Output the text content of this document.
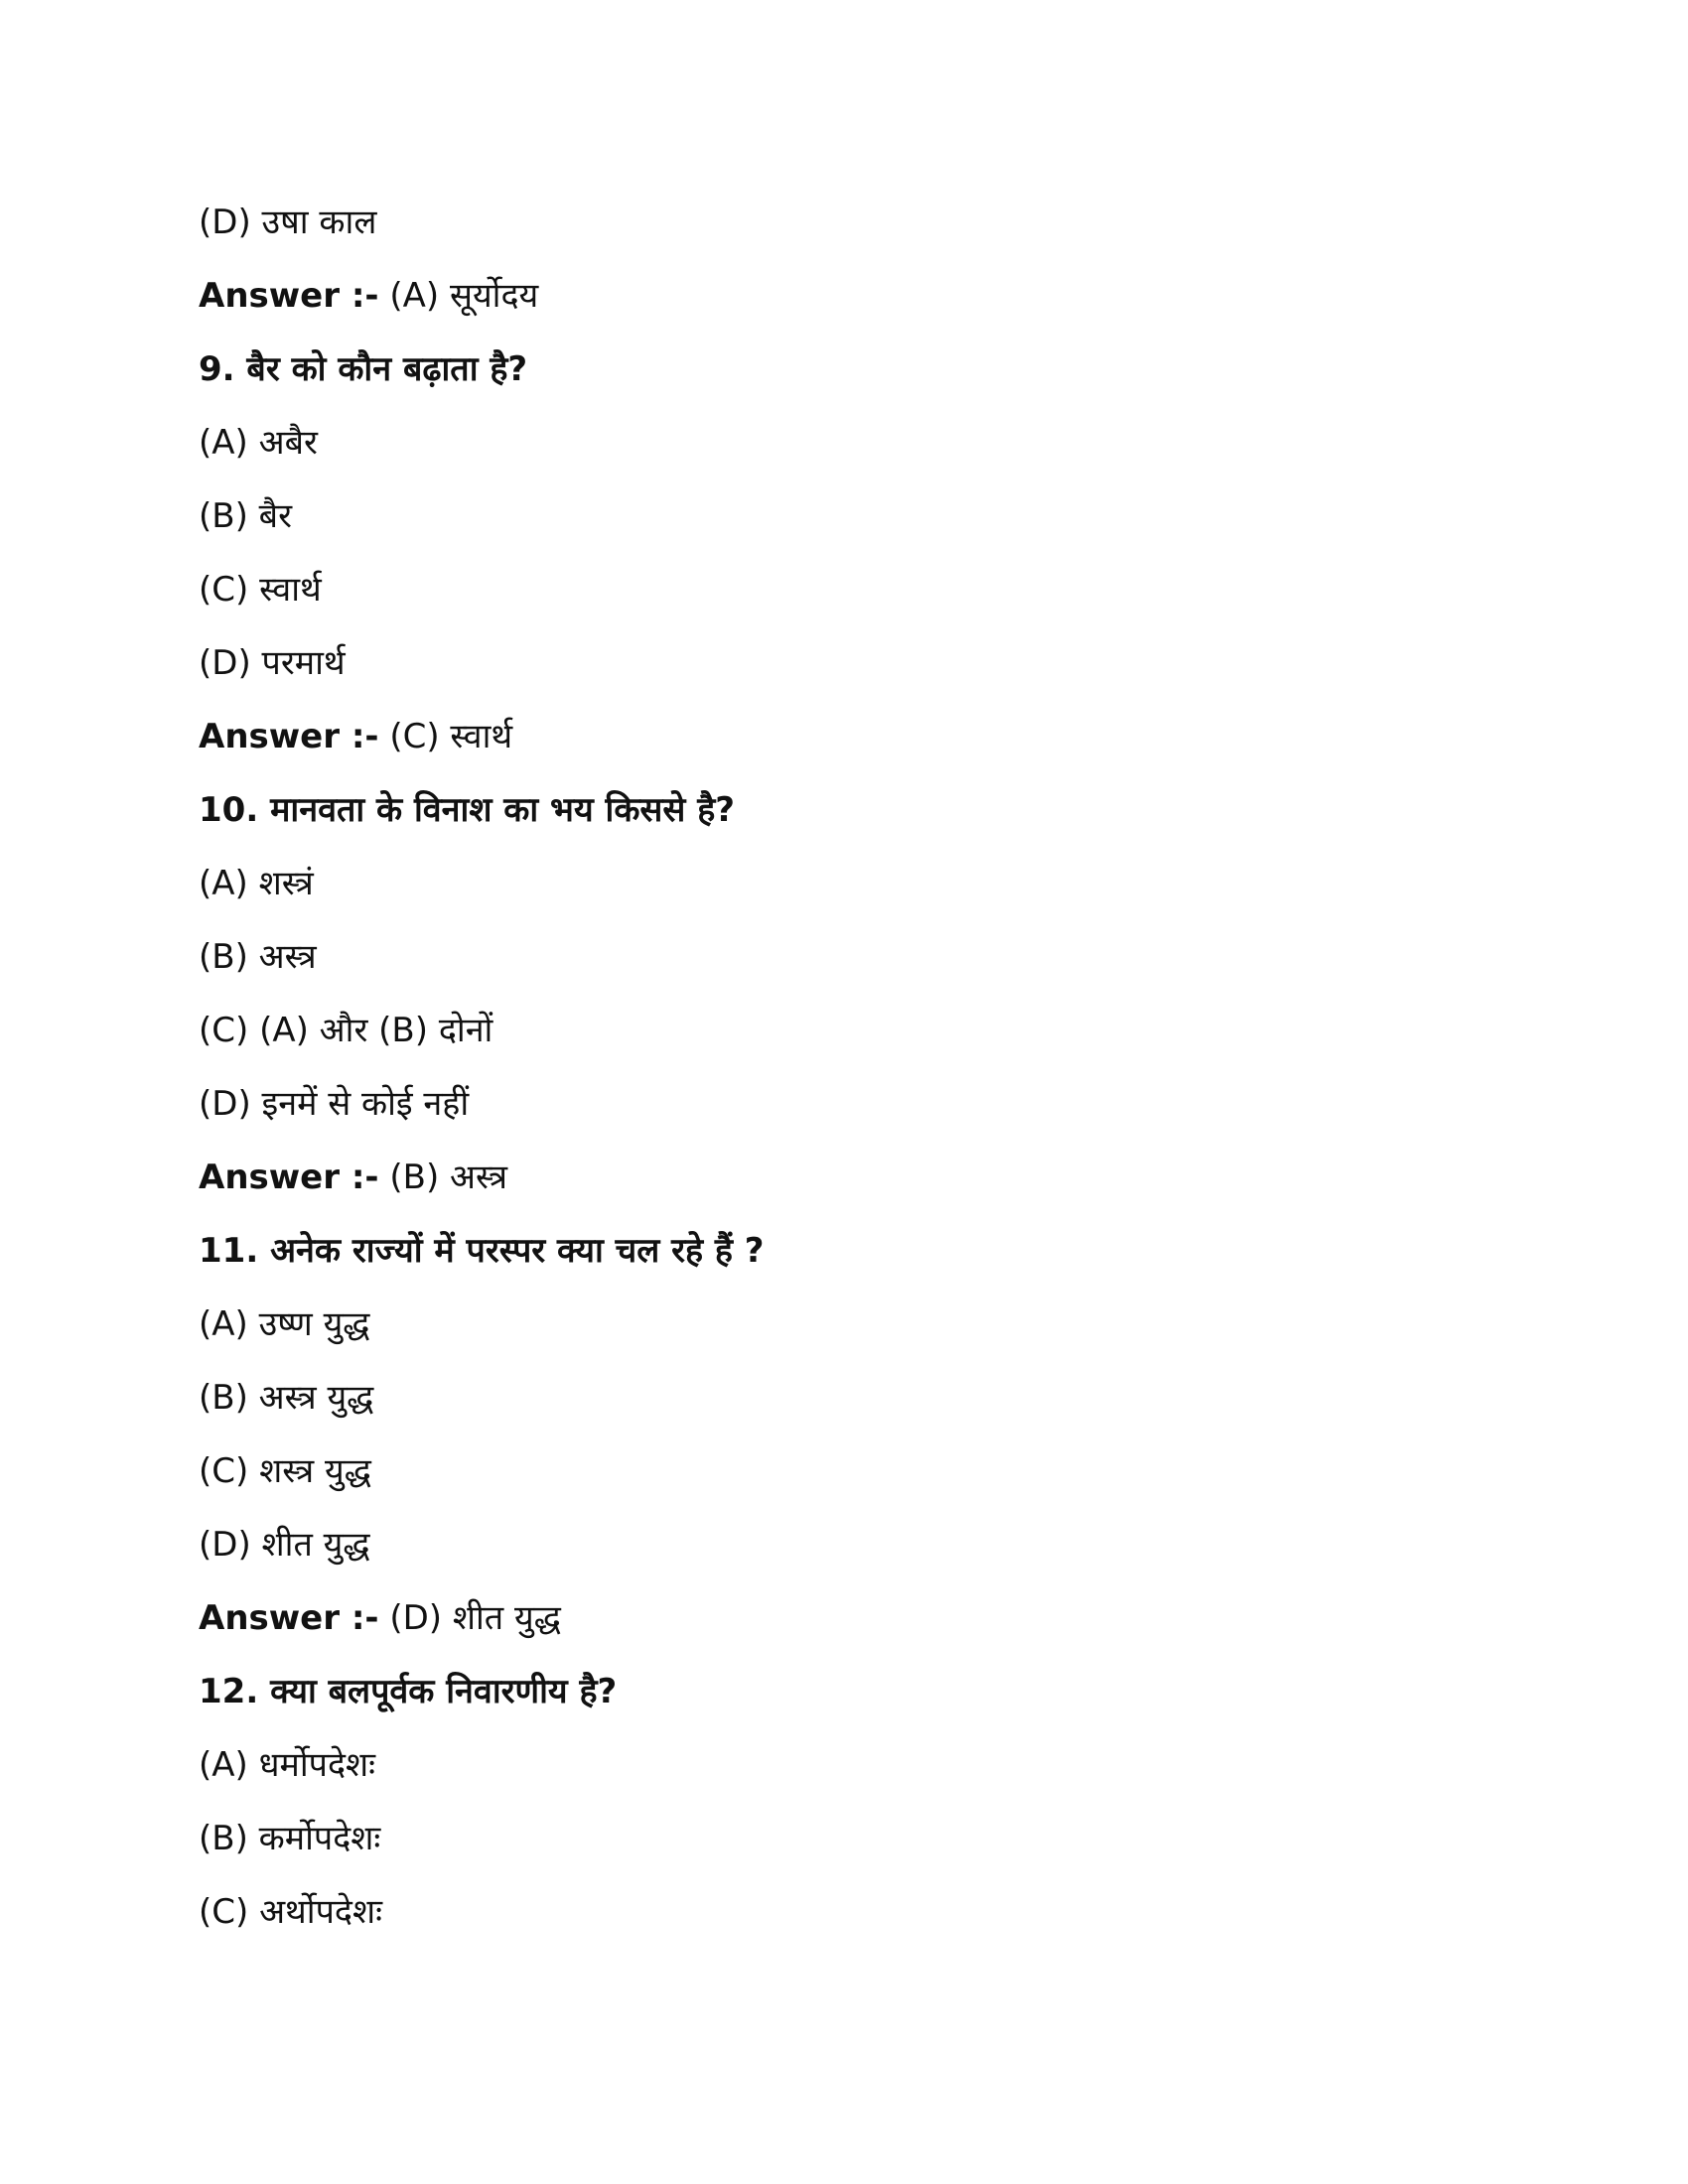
(D) उषा काल
Answer :- (A) सूर्योदय
9. बैर को कौन बढ़ाता है?
(A) अबैर
(B) बैर
(C) स्वार्थ
(D) परमार्थ
Answer :- (C) स्वार्थ
10. मानवता के विनाश का भय किससे है?
(A) शस्त्रं
(B) अस्त्र
(C) (A) और (B) दोनों
(D) इनमें से कोई नहीं
Answer :- (B) अस्त्र
11. अनेक राज्यों में परस्पर क्या चल रहे हैं ?
(A) उष्ण युद्ध
(B) अस्त्र युद्ध
(C) शस्त्र युद्ध
(D) शीत युद्ध
Answer :- (D) शीत युद्ध
12. क्या बलपूर्वक निवारणीय है?
(A) धर्मोपदेशः
(B) कर्मोपदेशः
(C) अर्थोपदेशः
